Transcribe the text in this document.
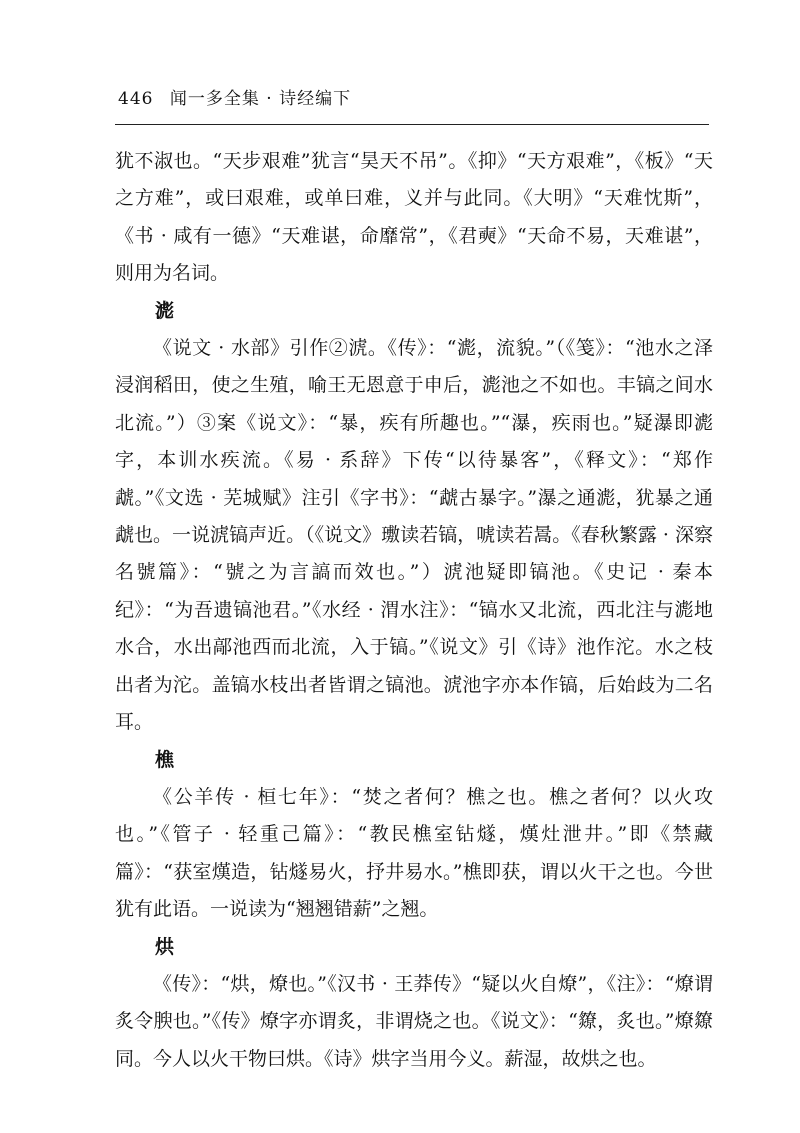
446 闻一多全集 · 诗经编下

犹不淑也。“天步艰难”犹言“昊天不吊”。《抑》“天方艰难”，《板》“天之方难”，或曰艰难，或单曰难，义并与此同。《大明》“天难忱斯”，《书 · 咸有一德》“天难谌，命靡常”，《君奭》“天命不易，天难谌”，则用为名词。

滮

《说文 · 水部》引作②淲。《传》：“滮，流貌。”（《笺》：“池水之泽浸润稻田，使之生殖，喻王无恩意于申后，滮池之不如也。丰镐之间水北流。”）③案《说文》：“暴，疾有所趣也。”“瀑，疾雨也。”疑瀑即滮字，本训水疾流。《易 · 系辞》下传“以待暴客”，《释文》：“郑作虣。”《文选 · 芜城赋》注引《字书》：“虣古暴字。”瀑之通滮，犹暴之通虣也。一说淲镐声近。（《说文》璷读若镐，唬读若暠。《春秋繁露 · 深察名號篇》：“號之为言謞而效也。”）淲池疑即镐池。《史记 · 秦本纪》：“为吾遗镐池君。”《水经 · 渭水注》：“镐水又北流，西北注与滮地水合，水出鄗池西而北流，入于镐。”《说文》引《诗》池作沱。水之枝出者为沱。盖镐水枝出者皆谓之镐池。淲池字亦本作镐，后始歧为二名耳。

樵

《公羊传 · 桓七年》：“焚之者何？樵之也。樵之者何？以火攻也。”《管子 · 轻重己篇》：“教民樵室钻燧，熯灶泄井。”即《禁藏篇》：“获室熯造，钻燧易火，抒井易水。”樵即获，谓以火干之也。今世犹有此语。一说读为“翘翘错薪”之翘。

烘

《传》：“烘，燎也。”《汉书 · 王莽传》“疑以火自燎”，《注》：“燎谓炙令腴也。”《传》燎字亦谓炙，非谓烧之也。《说文》：“爒，炙也。”燎爒同。今人以火干物曰烘。《诗》烘字当用今义。薪湿，故烘之也。
